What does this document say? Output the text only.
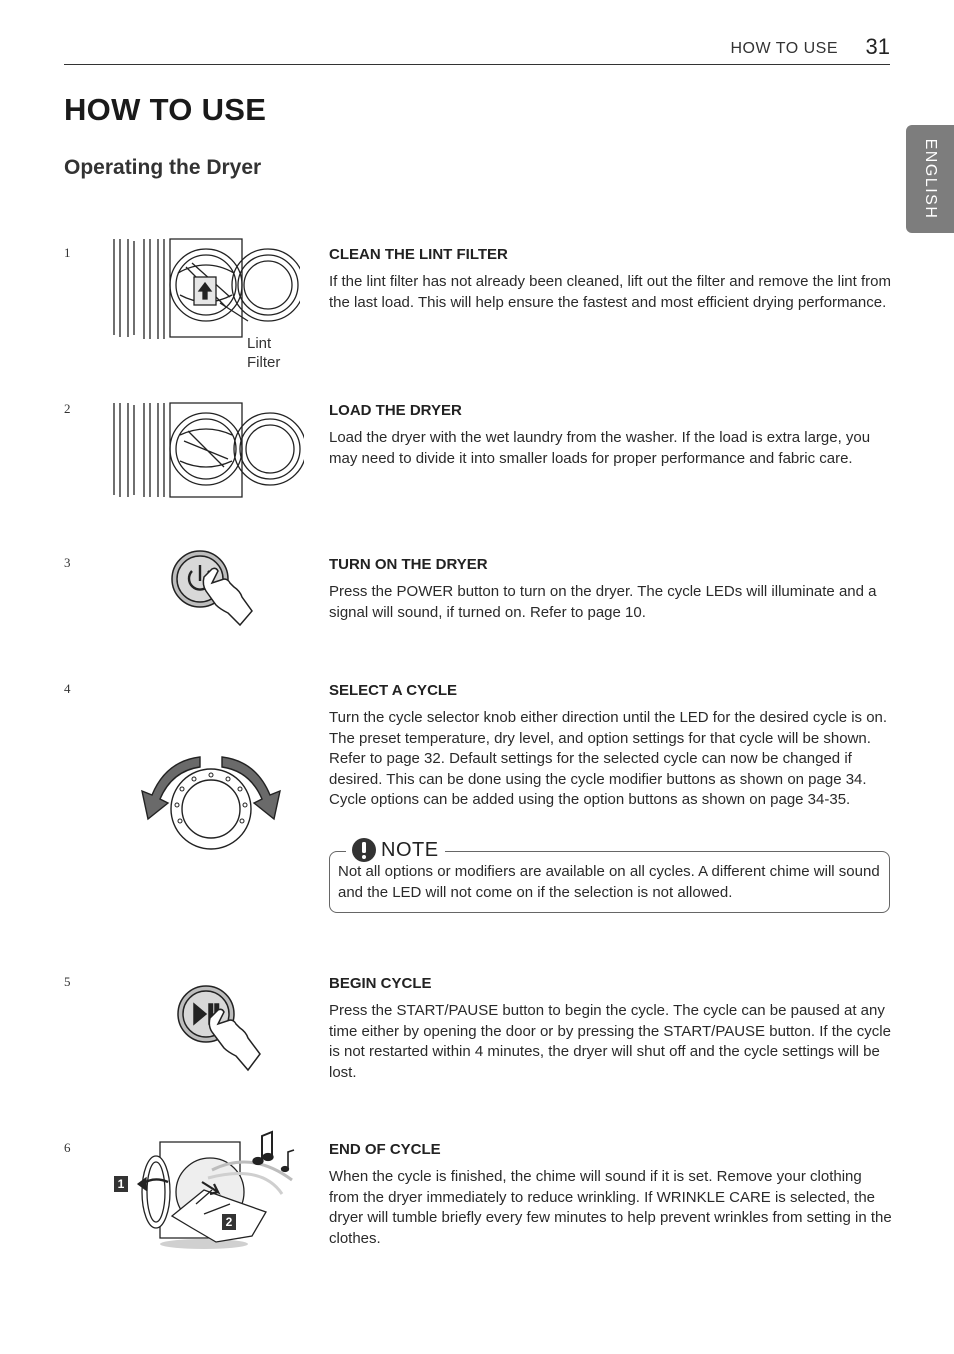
HOW TO USE 31
HOW TO USE
Operating the Dryer	ENGLISH
1
Lint
Filter
CLEAN THE LINT FILTER
If the lint filter has not already been cleaned, lift out the filter and remove the lint from the last load. This will help ensure the fastest and most efficient drying performance.
2	LOAD THE DRYER
Load the dryer with the wet laundry from the washer. If the load is extra large, you may need to divide it into smaller loads for proper performance and fabric care.
3	TURN ON THE DRYER
Press the POWER button to turn on the dryer. The cycle LEDs will illuminate and a signal will sound, if turned on. Refer to page 10.
4	SELECT A CYCLE
Turn the cycle selector knob either direction until the LED for the desired cycle is on. The preset temperature, dry level, and option settings for that cycle will be shown. Refer to page 32. Default settings for the selected cycle can now be changed if desired. This can be done using the cycle modifier buttons as shown on page 34. Cycle options can be added using the option buttons as shown on page 34-35.
NOTE
Not all options or modifiers are available on all cycles. A different chime will sound and the LED will not come on if the selection is not allowed.
5	BEGIN CYCLE
Press the START/PAUSE button to begin the cycle. The cycle can be paused at any time either by opening the door or by pressing the START/PAUSE button. If the cycle is not restarted within 4 minutes, the dryer will shut off and the cycle settings will be lost.
6
1
2
END OF CYCLE
When the cycle is finished, the chime will sound if it is set. Remove your clothing from the dryer immediately to reduce wrinkling. If WRINKLE CARE is selected, the dryer will tumble briefly every few minutes to help prevent wrinkles from setting in the clothes.
